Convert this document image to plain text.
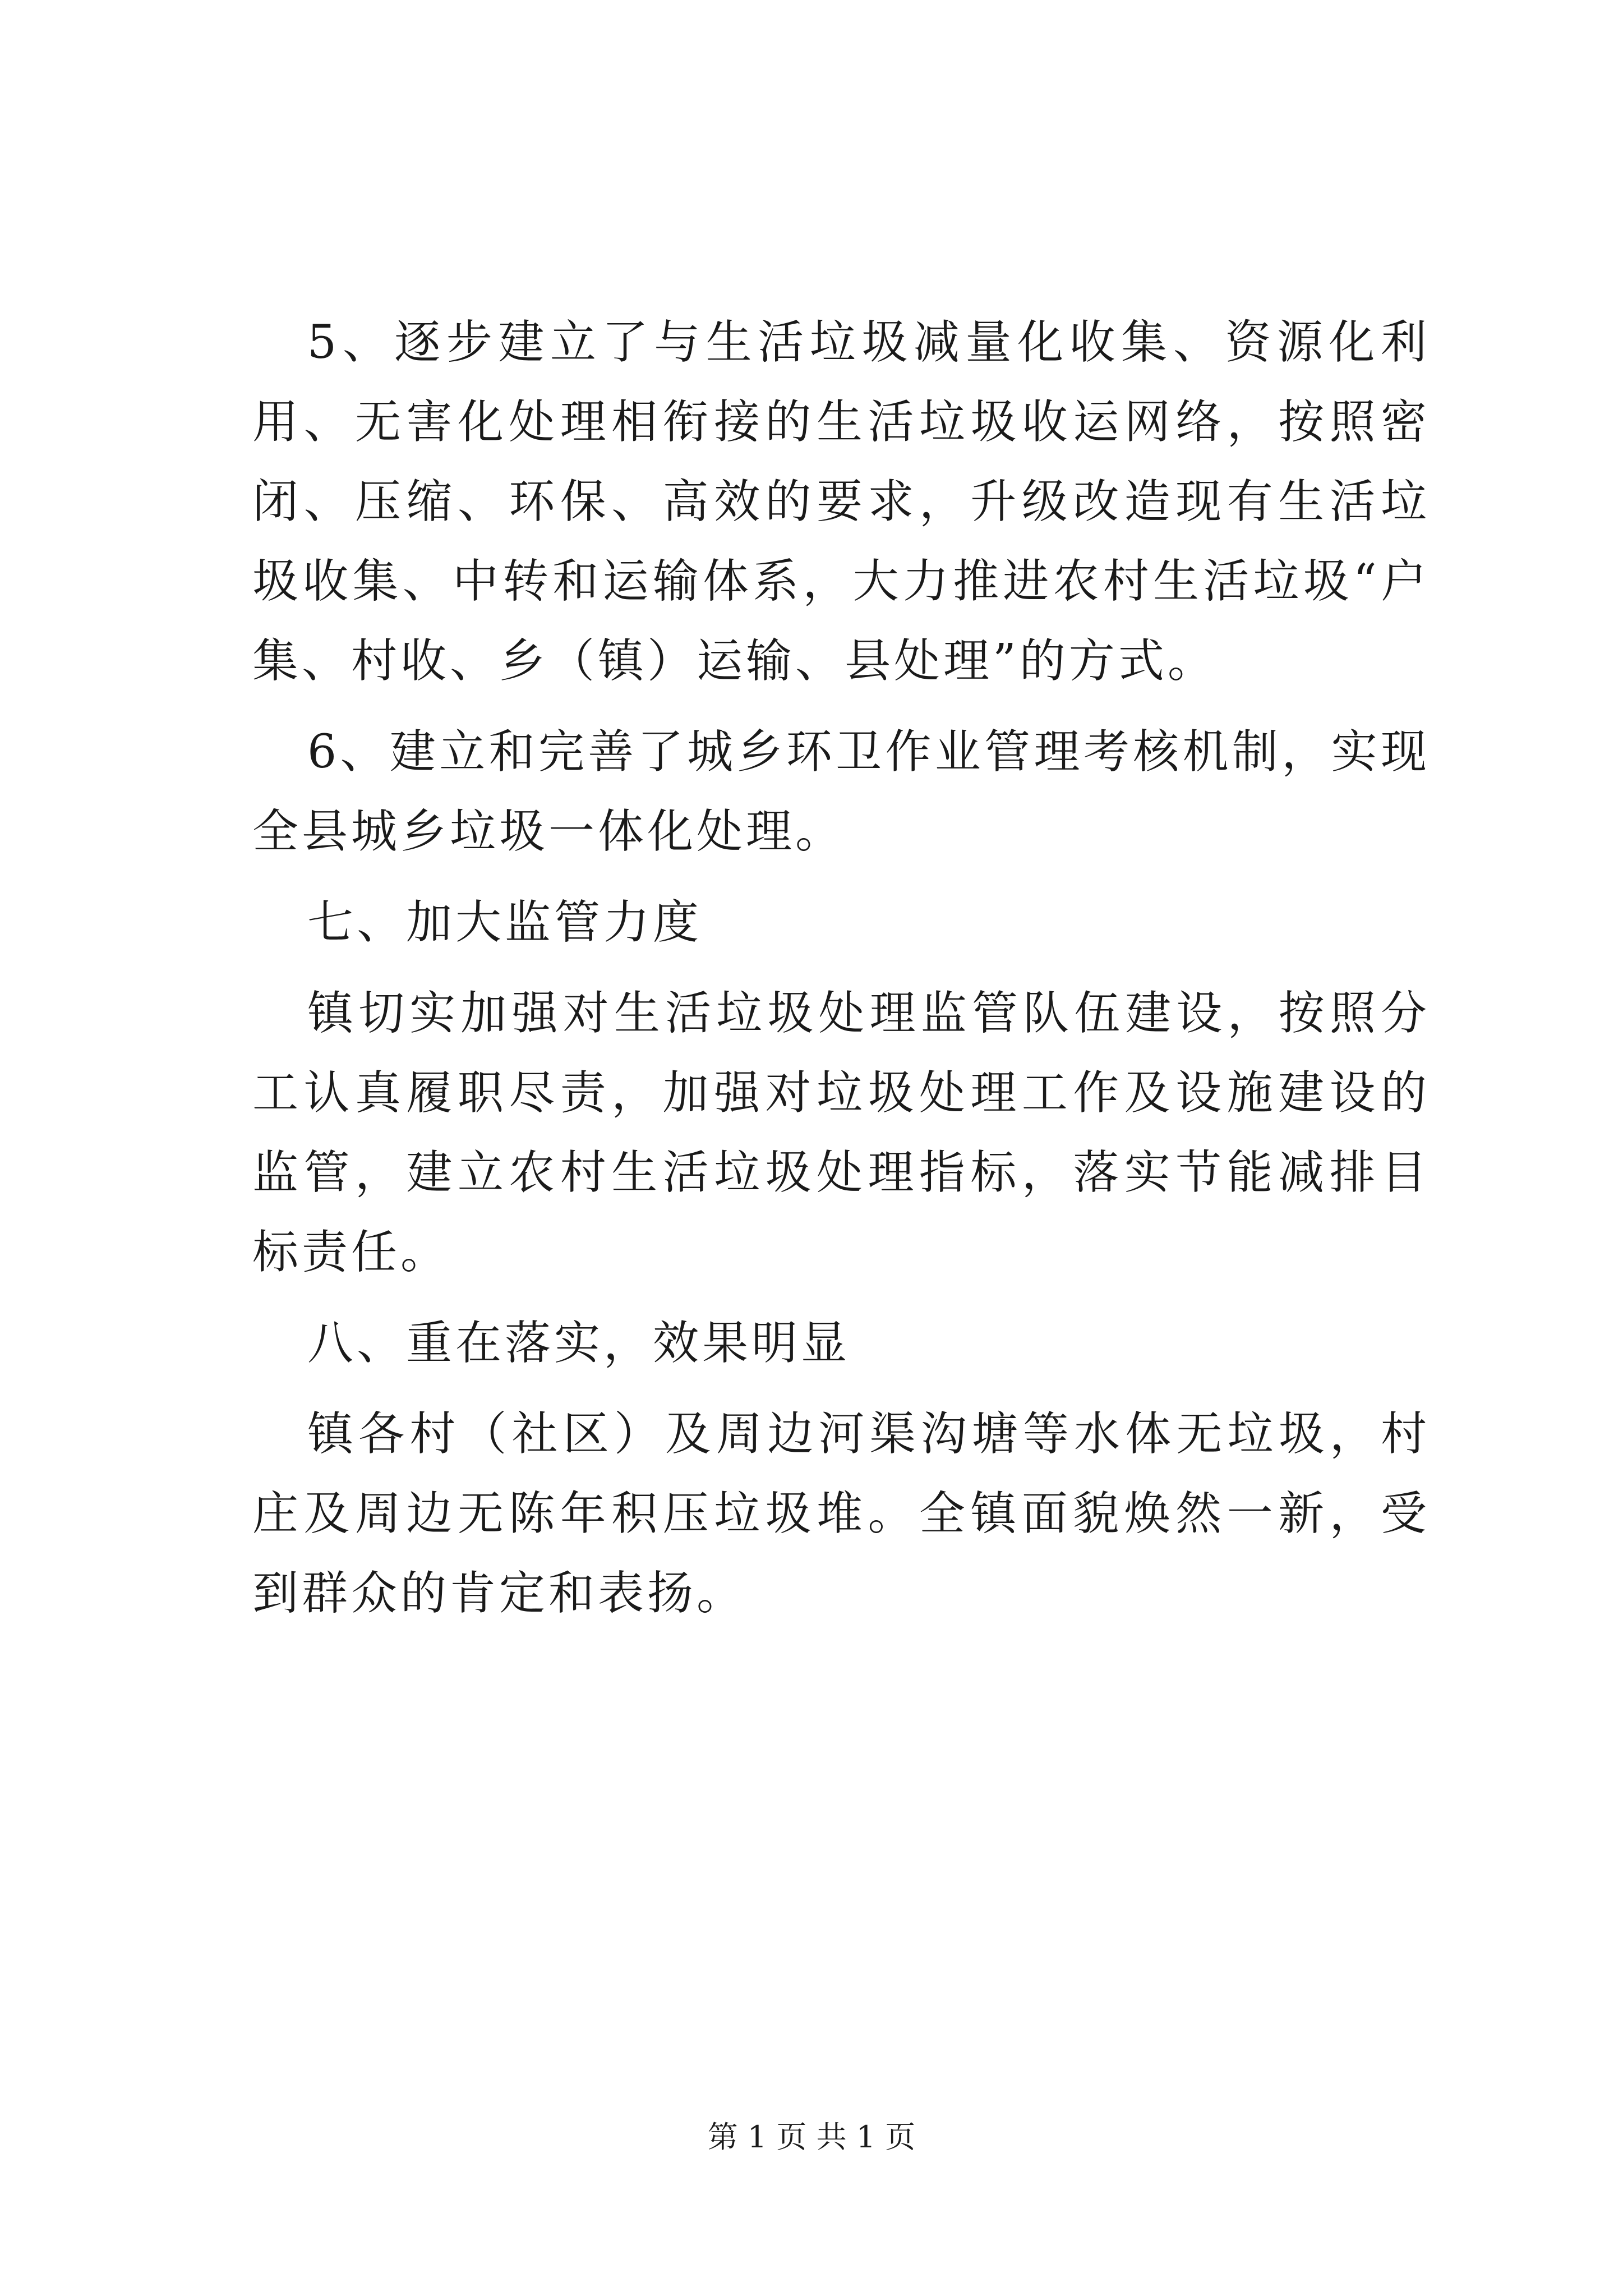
5、逐步建立了与生活垃圾减量化收集、资源化利用、无害化处理相衔接的生活垃圾收运网络，按照密闭、压缩、环保、高效的要求，升级改造现有生活垃圾收集、中转和运输体系，大力推进农村生活垃圾“户集、村收、乡（镇）运输、县处理”的方式。

6、建立和完善了城乡环卫作业管理考核机制，实现全县城乡垃圾一体化处理。

七、加大监管力度

镇切实加强对生活垃圾处理监管队伍建设，按照分工认真履职尽责，加强对垃圾处理工作及设施建设的监管，建立农村生活垃圾处理指标，落实节能减排目标责任。

八、重在落实，效果明显

镇各村（社区）及周边河渠沟塘等水体无垃圾，村庄及周边无陈年积压垃圾堆。全镇面貌焕然一新，受到群众的肯定和表扬。

第 1 页 共 1 页
